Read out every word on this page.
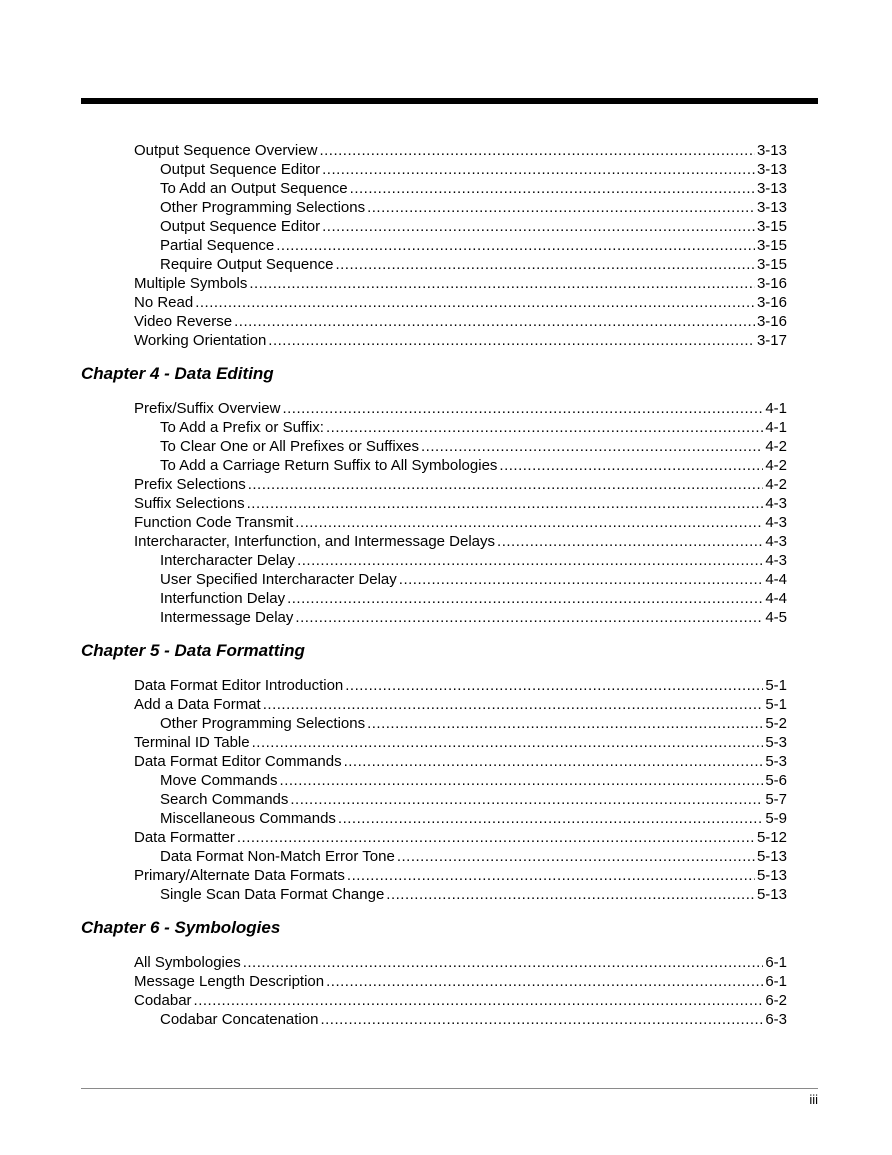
Output Sequence Overview .....	3-13
Output Sequence Editor .....	3-13
To Add an Output Sequence .....	3-13
Other Programming Selections .....	3-13
Output Sequence Editor .....	3-15
Partial Sequence .....	3-15
Require Output Sequence .....	3-15
Multiple Symbols .....	3-16
No Read .....	3-16
Video Reverse .....	3-16
Working Orientation .....	3-17
Chapter 4 - Data Editing
Prefix/Suffix Overview .....	4-1
To Add a Prefix or Suffix: .....	4-1
To Clear One or All Prefixes or Suffixes .....	4-2
To Add a Carriage Return Suffix to All Symbologies .....	4-2
Prefix Selections .....	4-2
Suffix Selections .....	4-3
Function Code Transmit .....	4-3
Intercharacter, Interfunction, and Intermessage Delays .....	4-3
Intercharacter Delay .....	4-3
User Specified Intercharacter Delay .....	4-4
Interfunction Delay .....	4-4
Intermessage Delay .....	4-5
Chapter 5 - Data Formatting
Data Format Editor Introduction .....	5-1
Add a Data Format .....	5-1
Other Programming Selections .....	5-2
Terminal ID Table .....	5-3
Data Format Editor Commands .....	5-3
Move Commands .....	5-6
Search Commands .....	5-7
Miscellaneous Commands .....	5-9
Data Formatter .....	5-12
Data Format Non-Match Error Tone .....	5-13
Primary/Alternate Data Formats .....	5-13
Single Scan Data Format Change .....	5-13
Chapter 6 - Symbologies
All Symbologies .....	6-1
Message Length Description .....	6-1
Codabar .....	6-2
Codabar Concatenation .....	6-3
iii
